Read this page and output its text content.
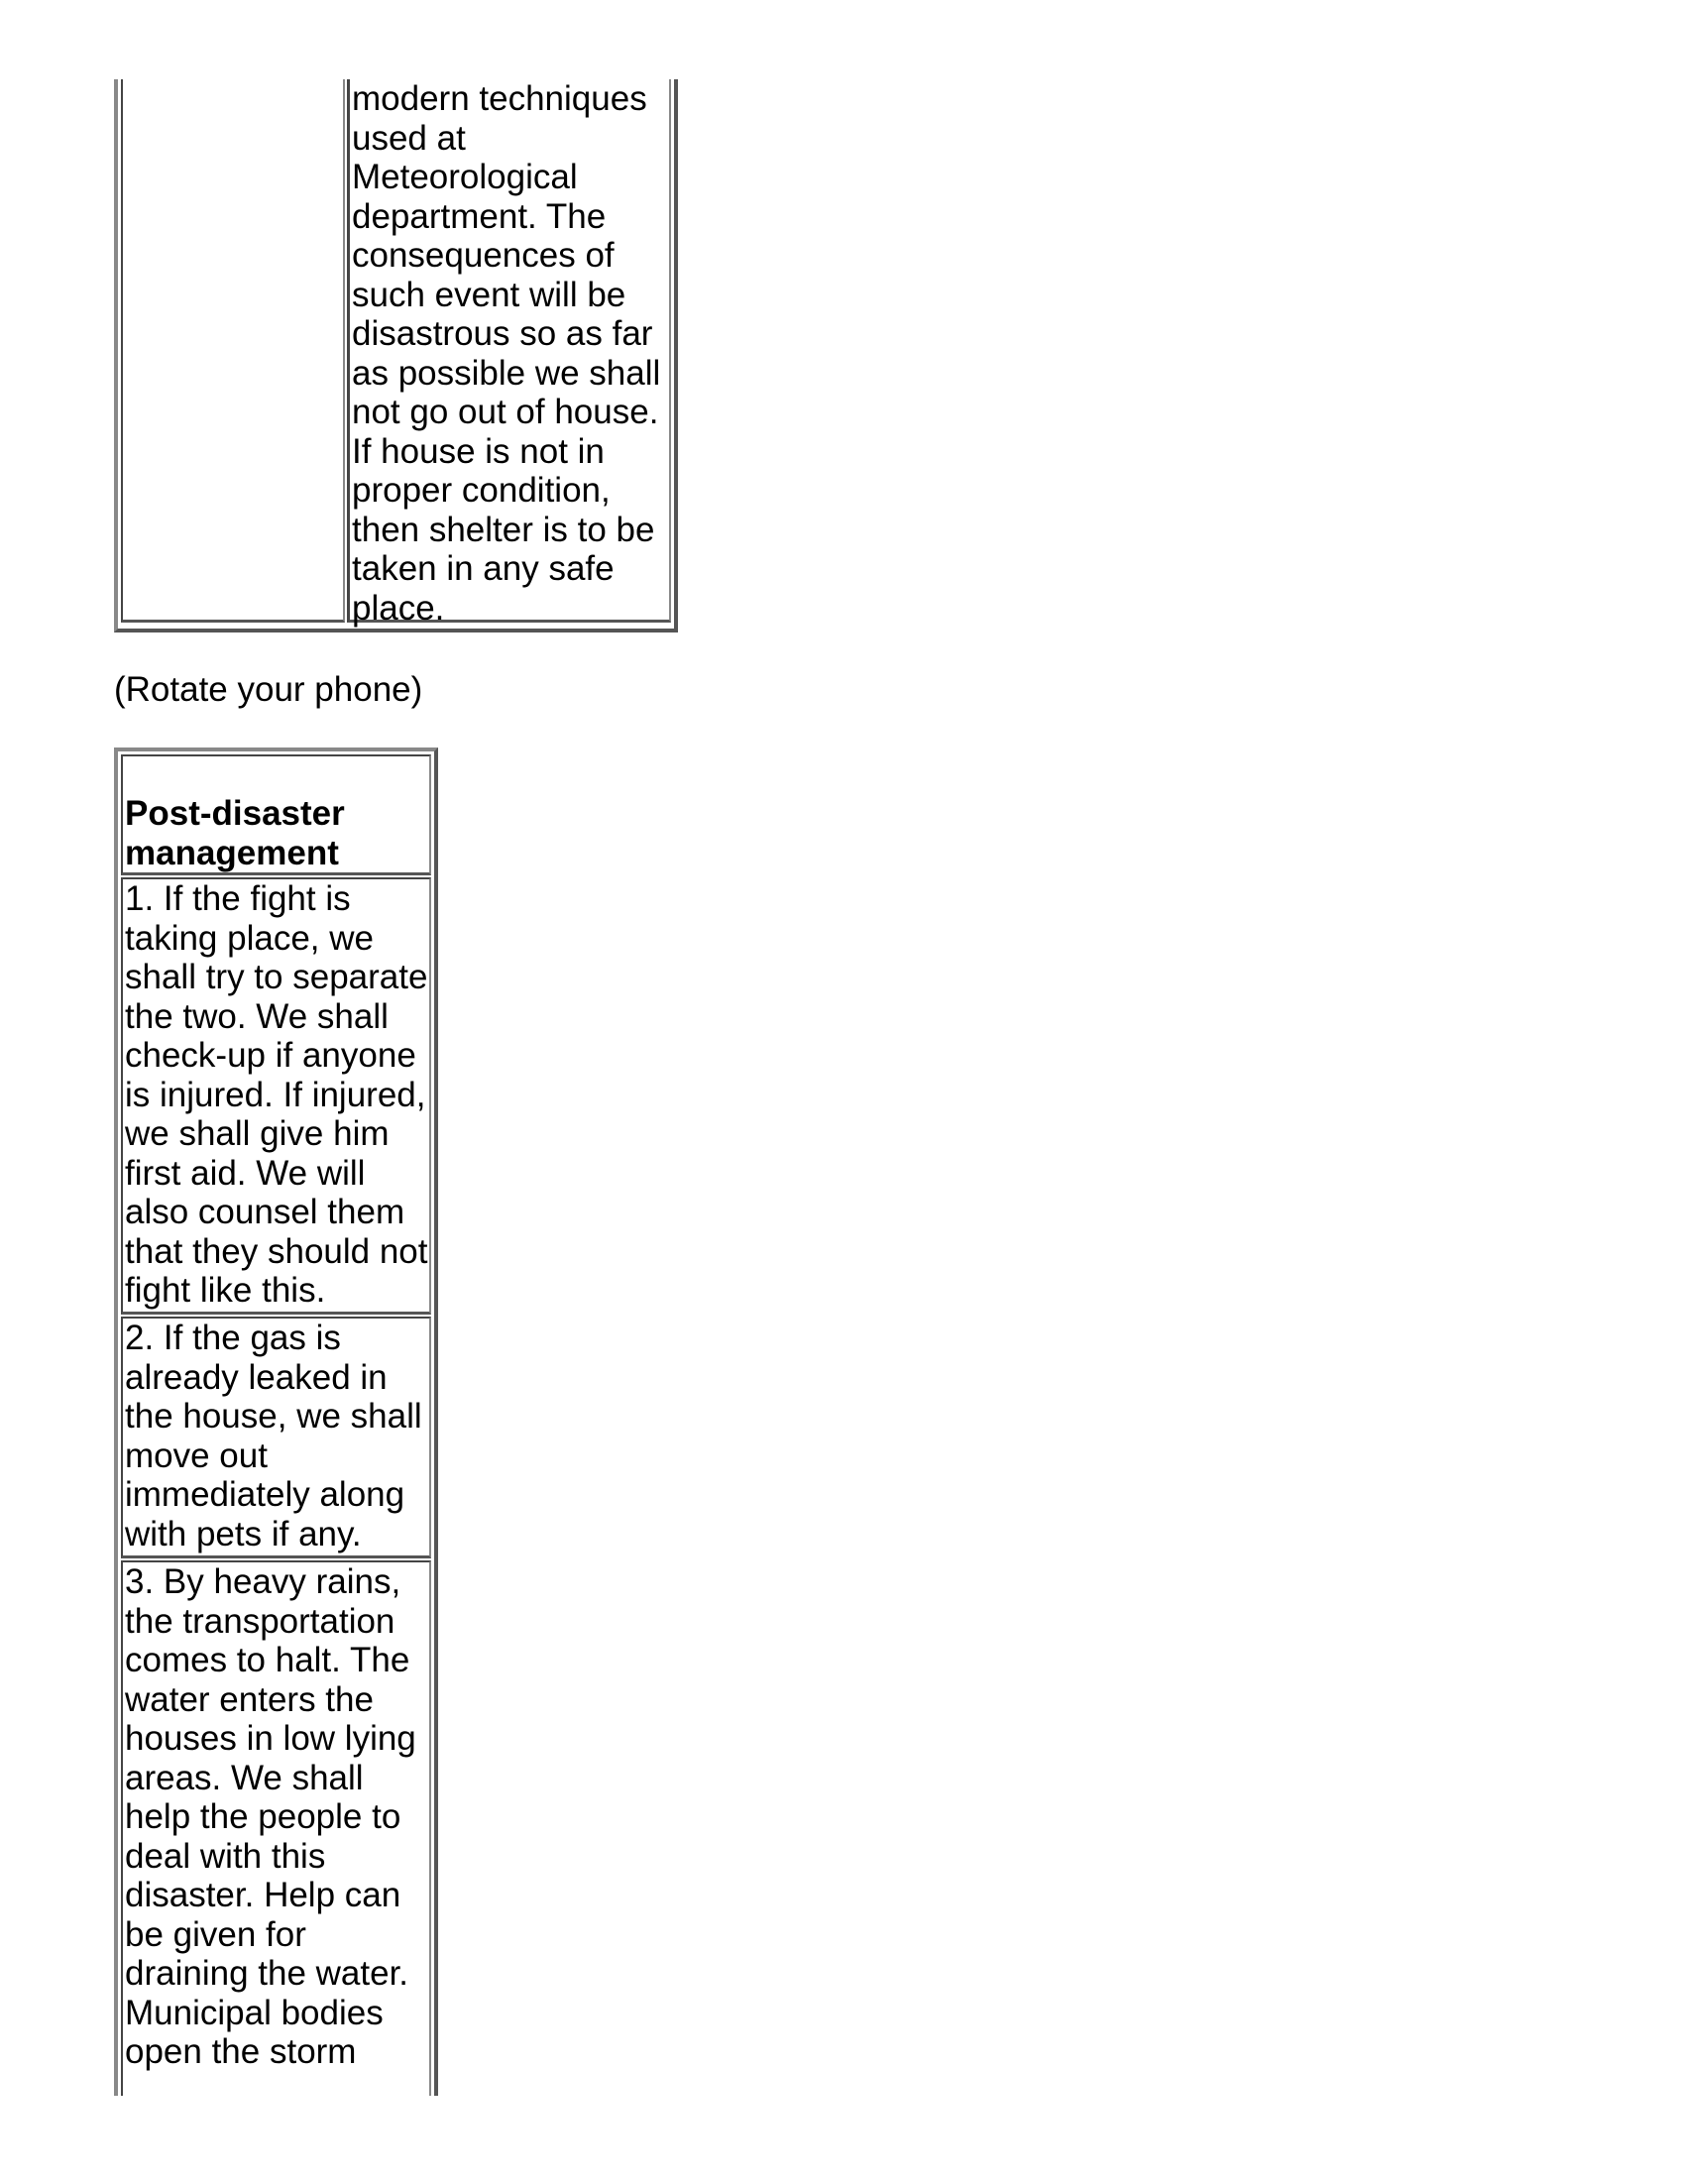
modern techniques
used at
Meteorological
department. The
consequences of
such event will be
disastrous so as far
as possible we shall
not go out of house.
If house is not in
proper condition,
then shelter is to be
taken in any safe
place.

(Rotate your phone)

Post-disaster
management

1. If the fight is
taking place, we
shall try to separate
the two. We shall
check-up if anyone
is injured. If injured,
we shall give him
first aid. We will
also counsel them
that they should not
fight like this.

2. If the gas is
already leaked in
the house, we shall
move out
immediately along
with pets if any.

3. By heavy rains,
the transportation
comes to halt. The
water enters the
houses in low lying
areas. We shall
help the people to
deal with this
disaster. Help can
be given for
draining the water.
Municipal bodies
open the storm
